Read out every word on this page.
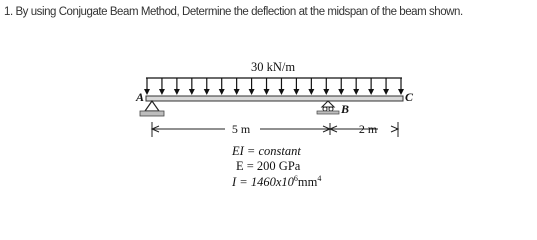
1. By using Conjugate Beam Method, Determine the deflection at the midspan of the beam shown.
30 kN/m
A
B
C
5 m	2 m
EI = constant
E = 200 GPa
$I = 1460x10^6mm^4$
